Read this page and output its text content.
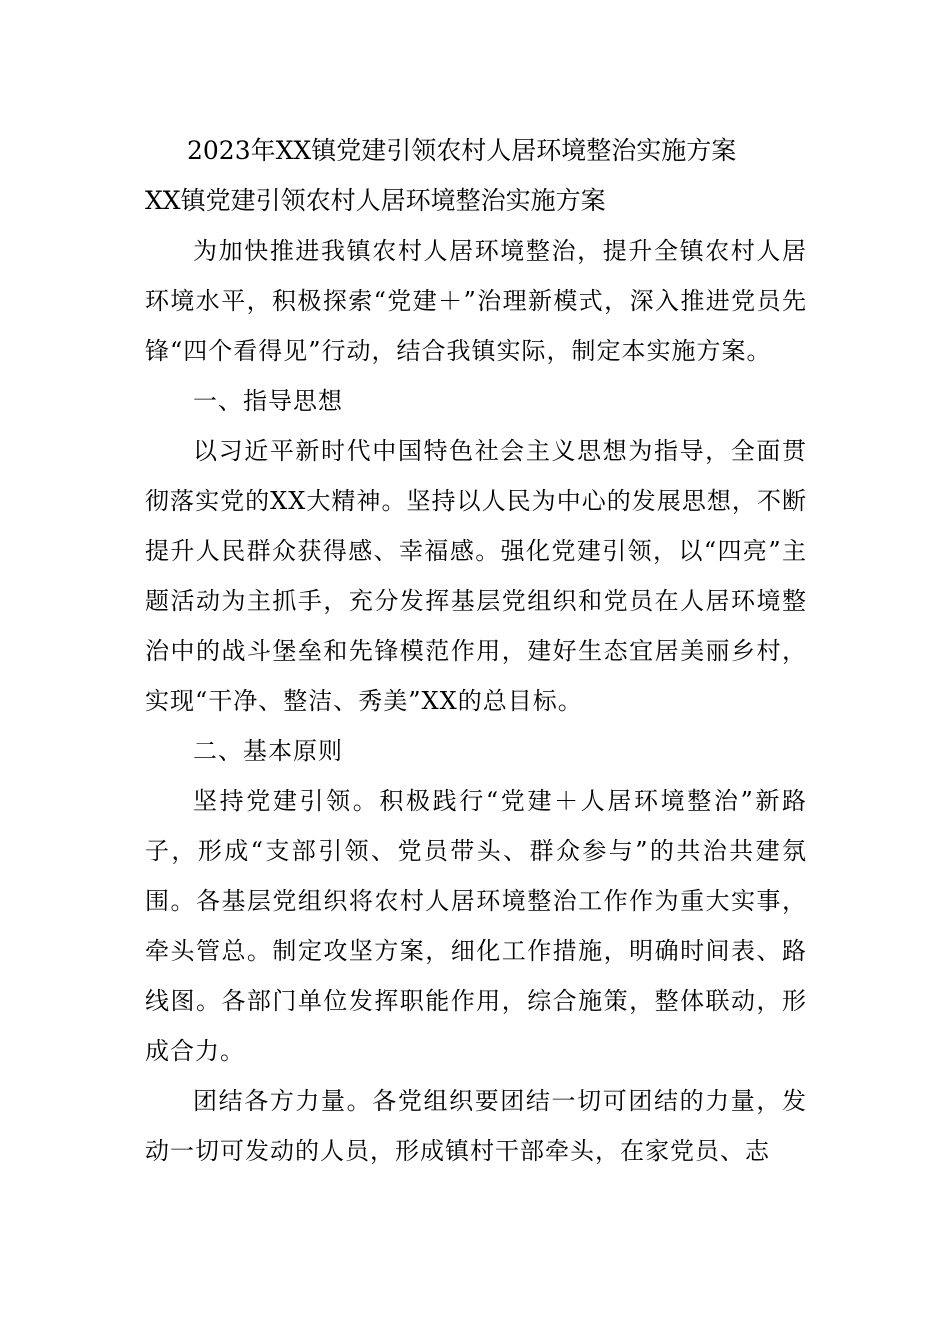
2023年XX镇党建引领农村人居环境整治实施方案
XX镇党建引领农村人居环境整治实施方案

为加快推进我镇农村人居环境整治，提升全镇农村人居环境水平，积极探索“党建＋”治理新模式，深入推进党员先锋“四个看得见”行动，结合我镇实际，制定本实施方案。

一、指导思想

以习近平新时代中国特色社会主义思想为指导，全面贯彻落实党的XX大精神。坚持以人民为中心的发展思想，不断提升人民群众获得感、幸福感。强化党建引领，以“四亮”主题活动为主抓手，充分发挥基层党组织和党员在人居环境整治中的战斗堡垒和先锋模范作用，建好生态宜居美丽乡村，实现“干净、整洁、秀美”XX的总目标。

二、基本原则

坚持党建引领。积极践行“党建＋人居环境整治”新路子，形成“支部引领、党员带头、群众参与”的共治共建氛围。各基层党组织将农村人居环境整治工作作为重大实事，牵头管总。制定攻坚方案，细化工作措施，明确时间表、路线图。各部门单位发挥职能作用，综合施策，整体联动，形成合力。

团结各方力量。各党组织要团结一切可团结的力量，发动一切可发动的人员，形成镇村干部牵头，在家党员、志
